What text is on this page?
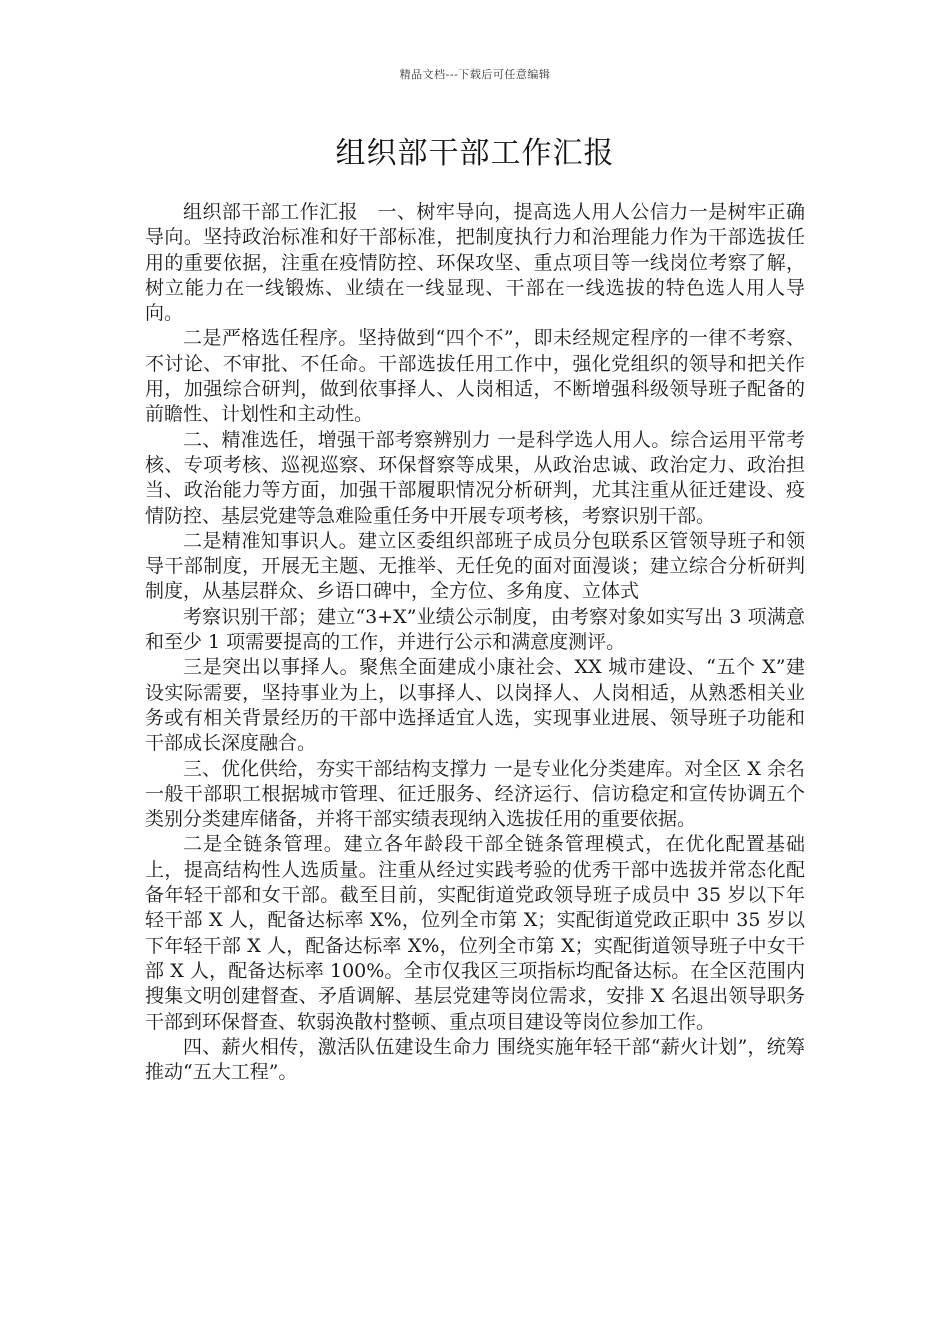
精品文档---下载后可任意编辑
组织部干部工作汇报

组织部干部工作汇报　一、树牢导向，提高选人用人公信力一是树牢正确导向。坚持政治标准和好干部标准，把制度执行力和治理能力作为干部选拔任用的重要依据，注重在疫情防控、环保攻坚、重点项目等一线岗位考察了解，树立能力在一线锻炼、业绩在一线显现、干部在一线选拔的特色选人用人导向。

二是严格选任程序。坚持做到“四个不”，即未经规定程序的一律不考察、不讨论、不审批、不任命。干部选拔任用工作中，强化党组织的领导和把关作用，加强综合研判，做到依事择人、人岗相适，不断增强科级领导班子配备的前瞻性、计划性和主动性。

二、精准选任，增强干部考察辨别力 一是科学选人用人。综合运用平常考核、专项考核、巡视巡察、环保督察等成果，从政治忠诚、政治定力、政治担当、政治能力等方面，加强干部履职情况分析研判，尤其注重从征迁建设、疫情防控、基层党建等急难险重任务中开展专项考核，考察识别干部。

二是精准知事识人。建立区委组织部班子成员分包联系区管领导班子和领导干部制度，开展无主题、无推举、无任免的面对面漫谈；建立综合分析研判制度，从基层群众、乡语口碑中，全方位、多角度、立体式

考察识别干部；建立“3+X”业绩公示制度，由考察对象如实写出 3 项满意和至少 1 项需要提高的工作，并进行公示和满意度测评。

三是突出以事择人。聚焦全面建成小康社会、XX 城市建设、“五个 X”建设实际需要，坚持事业为上，以事择人、以岗择人、人岗相适，从熟悉相关业务或有相关背景经历的干部中选择适宜人选，实现事业进展、领导班子功能和干部成长深度融合。

三、优化供给，夯实干部结构支撑力 一是专业化分类建库。对全区 X 余名一般干部职工根据城市管理、征迁服务、经济运行、信访稳定和宣传协调五个类别分类建库储备，并将干部实绩表现纳入选拔任用的重要依据。

二是全链条管理。建立各年龄段干部全链条管理模式，在优化配置基础上，提高结构性人选质量。注重从经过实践考验的优秀干部中选拔并常态化配备年轻干部和女干部。截至目前，实配街道党政领导班子成员中 35 岁以下年轻干部 X 人，配备达标率 X%，位列全市第 X；实配街道党政正职中 35 岁以下年轻干部 X 人，配备达标率 X%，位列全市第 X；实配街道领导班子中女干部 X 人，配备达标率 100%。全市仅我区三项指标均配备达标。在全区范围内搜集文明创建督查、矛盾调解、基层党建等岗位需求，安排 X 名退出领导职务干部到环保督查、软弱涣散村整顿、重点项目建设等岗位参加工作。

四、薪火相传，激活队伍建设生命力 围绕实施年轻干部“薪火计划”，统筹推动“五大工程”。
